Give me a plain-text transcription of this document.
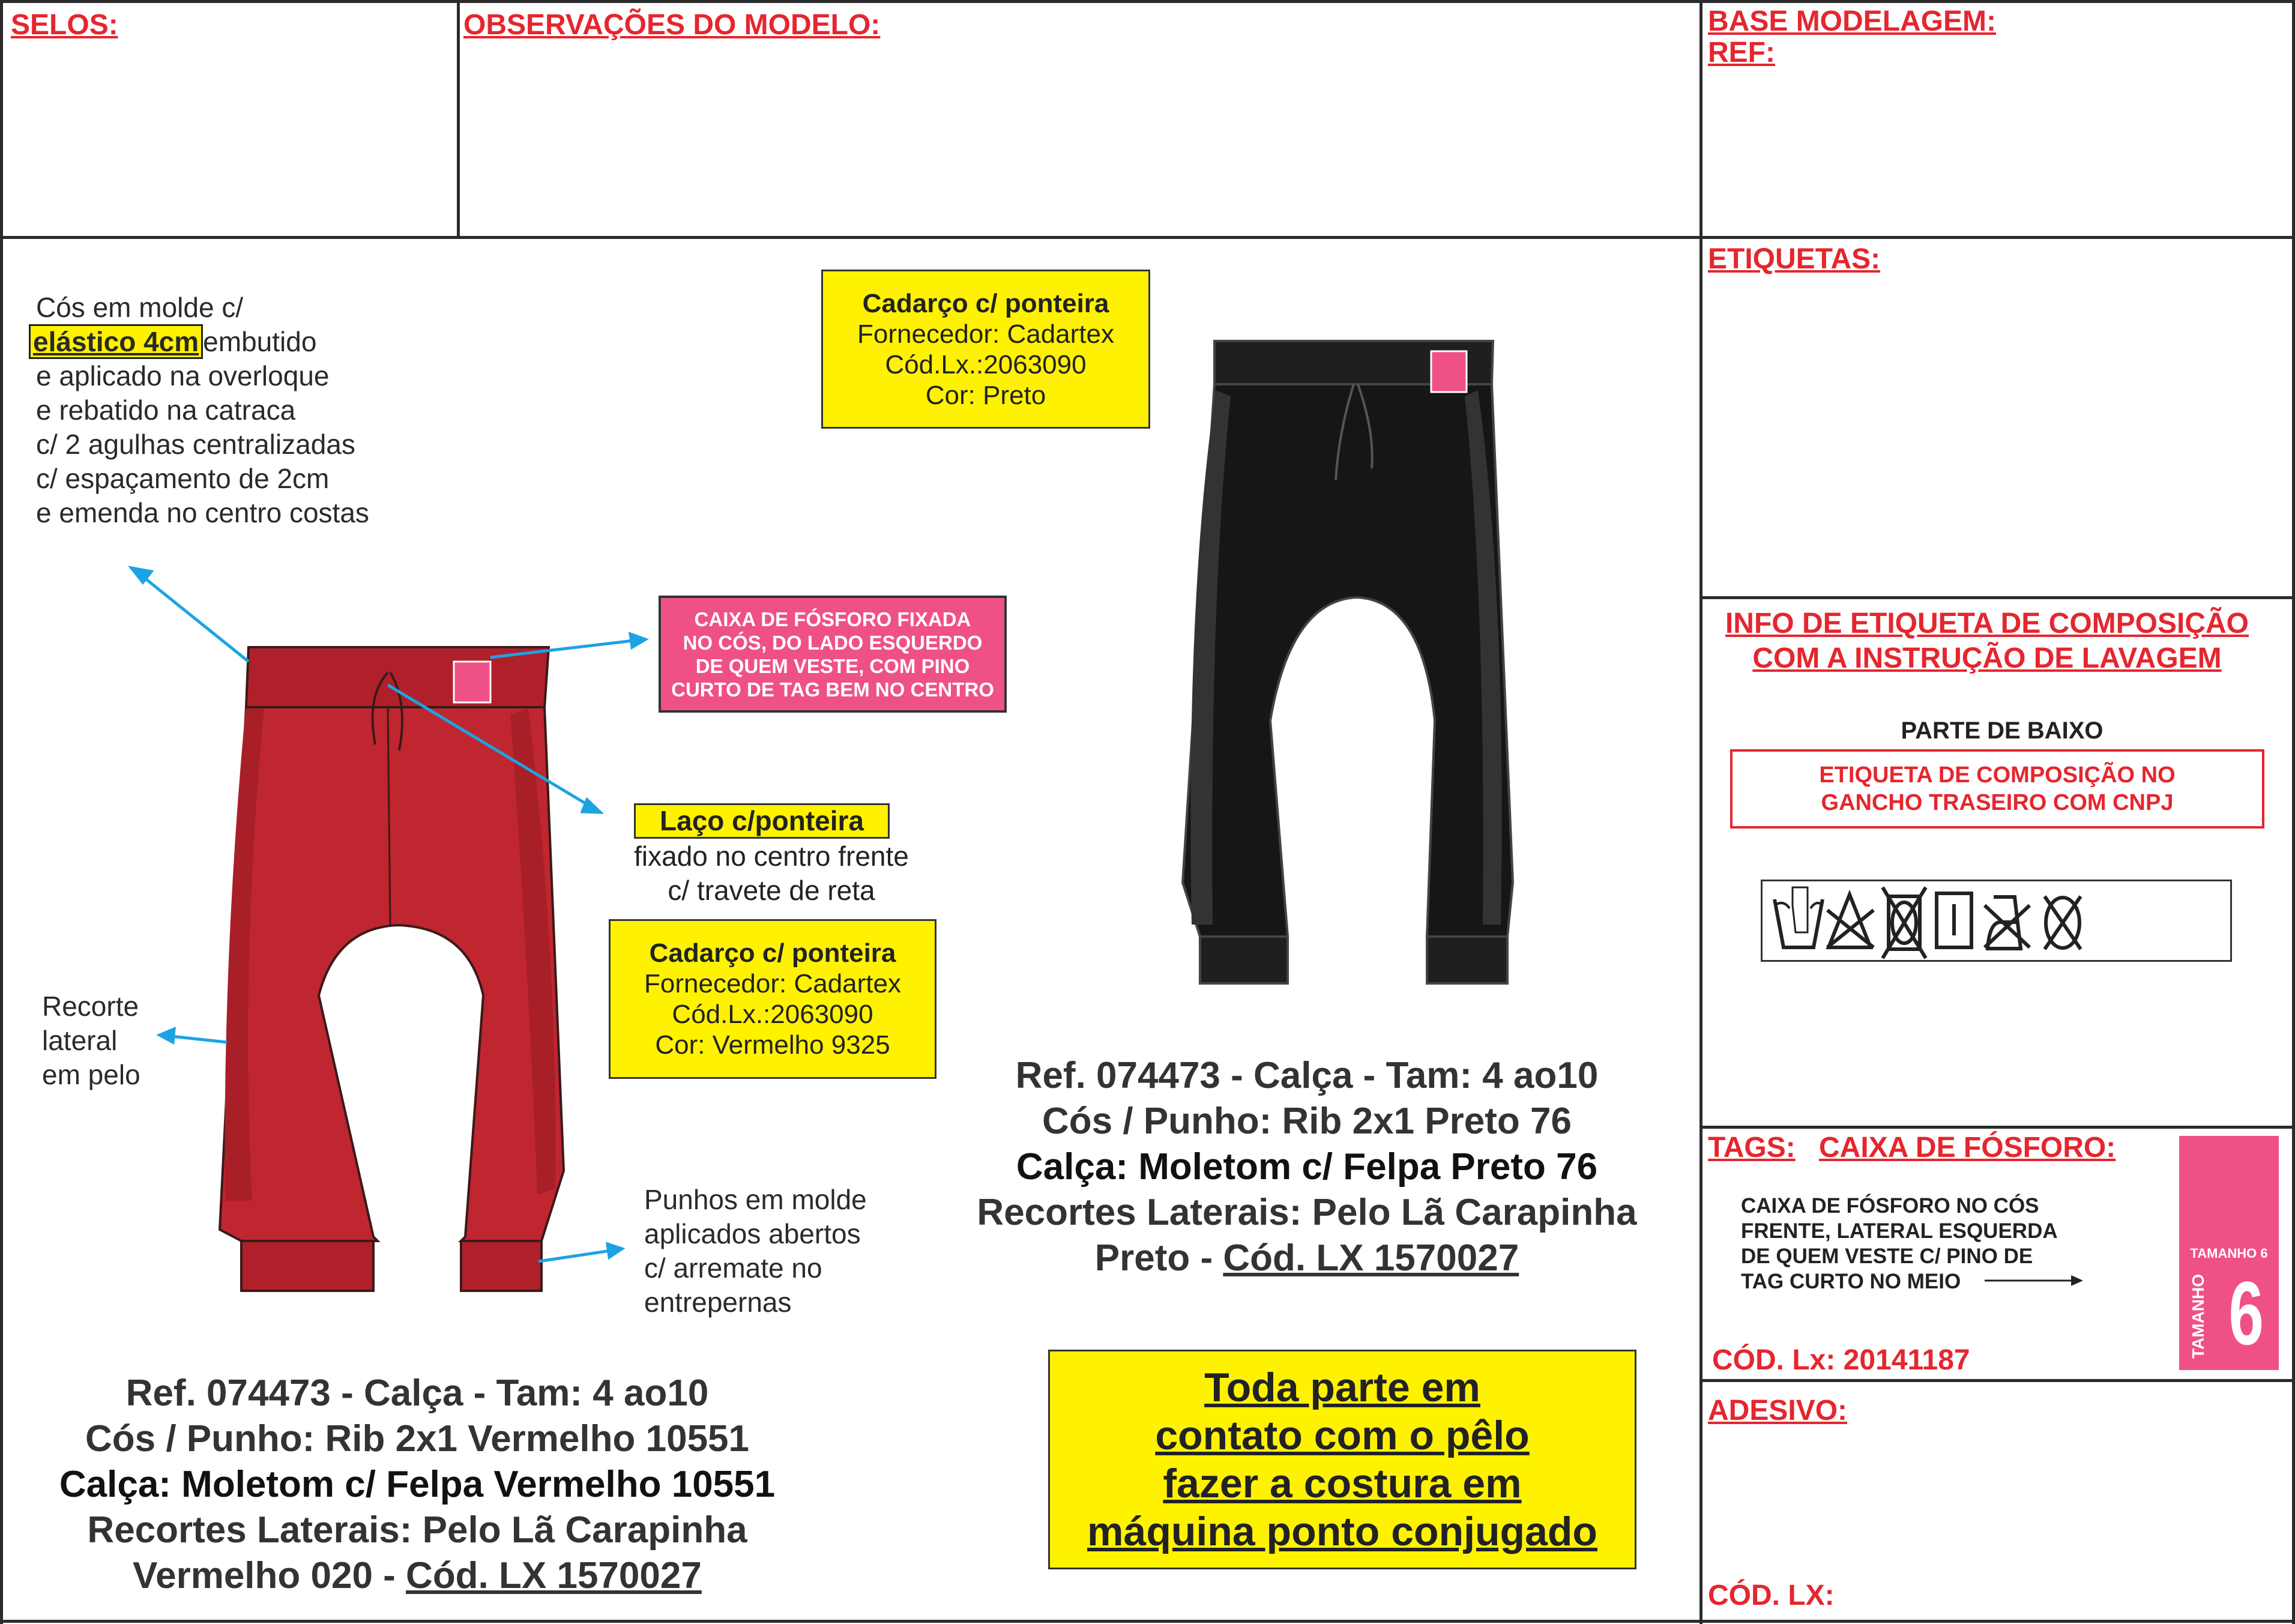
SELOS:	OBSERVAÇÕES DO MODELO:	BASE MODELAGEM:
REF:
ETIQUETAS:
INFO DE ETIQUETA DE COMPOSIÇÃO
COM A INSTRUÇÃO DE LAVAGEM
PARTE DE BAIXO
ETIQUETA DE COMPOSIÇÃO NO
GANCHO TRASEIRO COM CNPJ
TAGS: CAIXA DE FÓSFORO:
CAIXA DE FÓSFORO NO CÓS
FRENTE, LATERAL ESQUERDA
DE QUEM VESTE C/ PINO DE
TAG CURTO NO MEIO
CÓD. Lx: 20141187
TAMANHO 6
TAMANHO 6
ADESIVO:
CÓD. LX:
Cós em molde c/
elástico 4cm embutido
e aplicado na overloque
e rebatido na catraca
c/ 2 agulhas centralizadas
c/ espaçamento de 2cm
e emenda no centro costas
Cadarço c/ ponteira
Fornecedor: Cadartex
Cód.Lx.:2063090
Cor: Preto
CAIXA DE FÓSFORO FIXADA
NO CÓS, DO LADO ESQUERDO
DE QUEM VESTE, COM PINO
CURTO DE TAG BEM NO CENTRO
Laço c/ponteira
fixado no centro frente
c/ travete de reta
Cadarço c/ ponteira
Fornecedor: Cadartex
Cód.Lx.:2063090
Cor: Vermelho 9325
Recorte
lateral
em pelo
Punhos em molde
aplicados abertos
c/ arremate no
entrepernas
Ref. 074473 - Calça - Tam: 4 ao10
Cós / Punho: Rib 2x1 Vermelho 10551
Calça: Moletom c/ Felpa Vermelho 10551
Recortes Laterais: Pelo Lã Carapinha
Vermelho 020 - Cód. LX 1570027
Ref. 074473 - Calça - Tam: 4 ao10
Cós / Punho: Rib 2x1 Preto 76
Calça: Moletom c/ Felpa Preto 76
Recortes Laterais: Pelo Lã Carapinha
Preto - Cód. LX 1570027
Toda parte em
contato com o pêlo
fazer a costura em
máquina ponto conjugado
